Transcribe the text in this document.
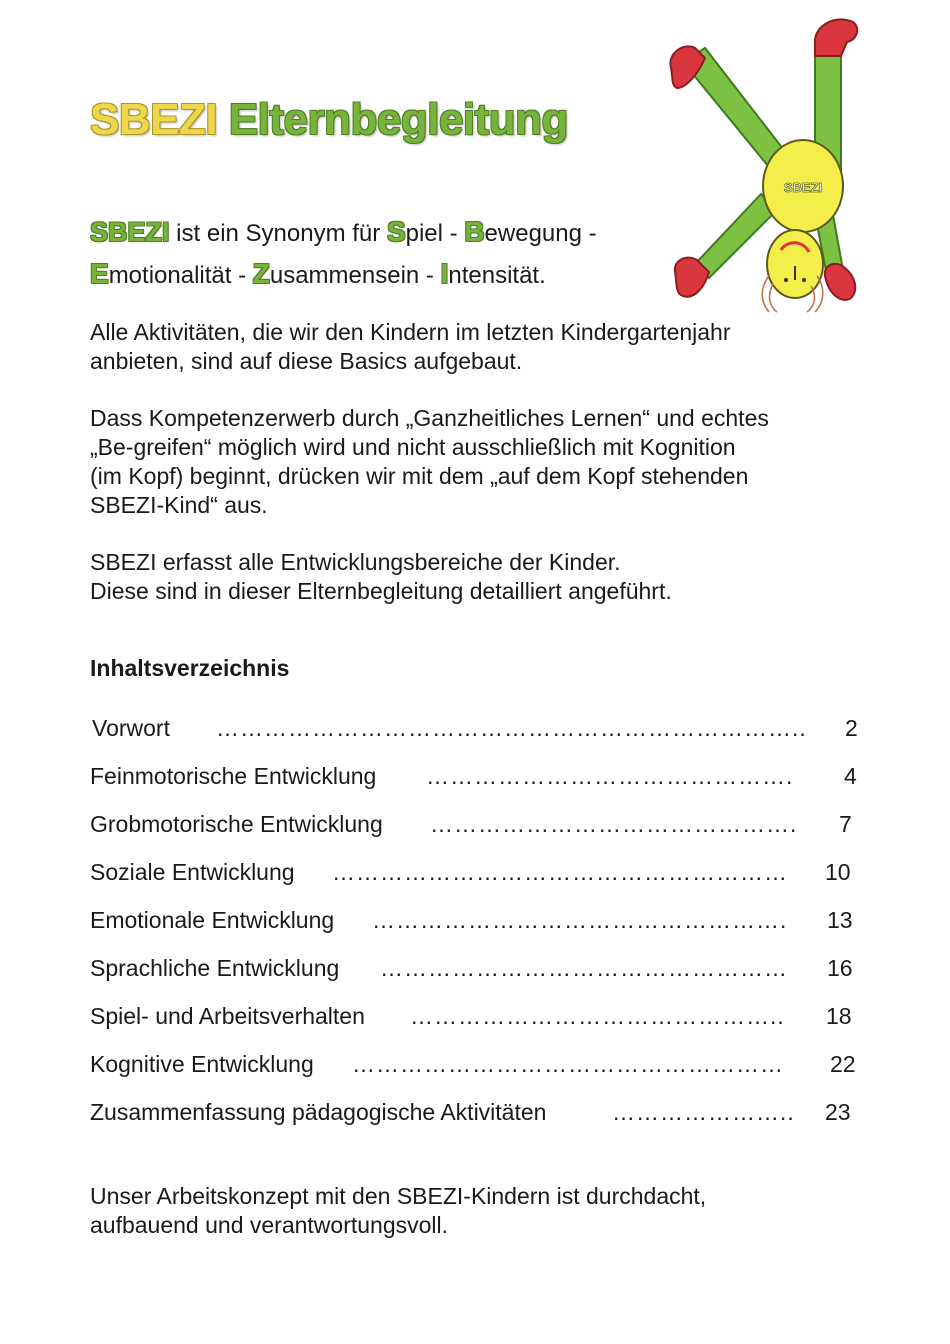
SBEZI
SBEZI Elternbegleitung

SBEZI ist ein Synonym für Spiel - Bewegung -
Emotionalität - Zusammensein - Intensität.

Alle Aktivitäten, die wir den Kindern im letzten Kindergartenjahr
anbieten, sind auf diese Basics aufgebaut.

Dass Kompetenzerwerb durch „Ganzheitliches Lernen“ und echtes
„Be-greifen“ möglich wird und nicht ausschließlich mit Kognition
(im Kopf) beginnt, drücken wir mit dem „auf dem Kopf stehenden
SBEZI-Kind“ aus.

SBEZI erfasst alle Entwicklungsbereiche der Kinder.
Diese sind in dieser Elternbegleitung detailliert angeführt.

Inhaltsverzeichnis
Vorwort ………………………………………………………………..	2
Feinmotorische Entwicklung ……………………………………….	4
Grobmotorische Entwicklung ……………………………………….	7
Soziale Entwicklung …………………………………………………	10
Emotionale Entwicklung …………………………………………….	13
Sprachliche Entwicklung ……………………………………………	16
Spiel- und Arbeitsverhalten ………………………………………..	18
Kognitive Entwicklung ………………………………………………	22
Zusammenfassung pädagogische Aktivitäten	…………………..	23

Unser Arbeitskonzept mit den SBEZI-Kindern ist durchdacht,
aufbauend und verantwortungsvoll.
